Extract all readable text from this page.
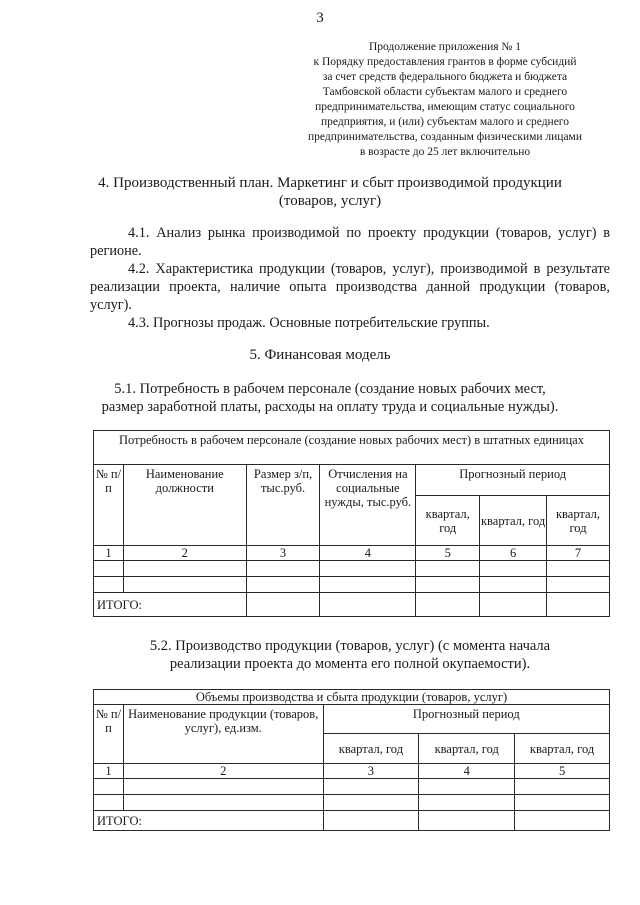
3
Продолжение приложения № 1
к Порядку предоставления грантов в форме субсидий
за счет средств федерального бюджета и бюджета
Тамбовской области субъектам малого и среднего
предпринимательства, имеющим статус социального
предприятия, и (или) субъектам малого и среднего
предпринимательства, созданным физическими лицами
в возрасте до 25 лет включительно
4. Производственный план. Маркетинг и сбыт производимой продукции
(товаров, услуг)
4.1. Анализ рынка производимой по проекту продукции (товаров, услуг) в регионе.
4.2. Характеристика продукции (товаров, услуг), производимой в результате реализации проекта, наличие опыта производства данной продукции (товаров, услуг).
4.3. Прогнозы продаж. Основные потребительские группы.
5. Финансовая модель
5.1. Потребность в рабочем персонале (создание новых рабочих мест,
размер заработной платы, расходы на оплату труда и социальные нужды).
Потребность в рабочем персонале (создание новых рабочих мест) в штатных единицах						
№ п/п	Наименование должности	Размер з/п, тыс.руб.	Отчисления на социальные нужды, тыс.руб.	Прогнозный период		
				квартал, год	квартал, год	квартал, год
1	2	3	4	5	6	7

ИТОГО:						
5.2. Производство продукции (товаров, услуг) (с момента начала
реализации проекта до момента его полной окупаемости).
Объемы производства и сбыта продукции (товаров, услуг)				
№ п/п	Наименование продукции (товаров, услуг), ед.изм.	Прогнозный период		
		квартал, год	квартал, год	квартал, год
1	2	3	4	5

ИТОГО:				
